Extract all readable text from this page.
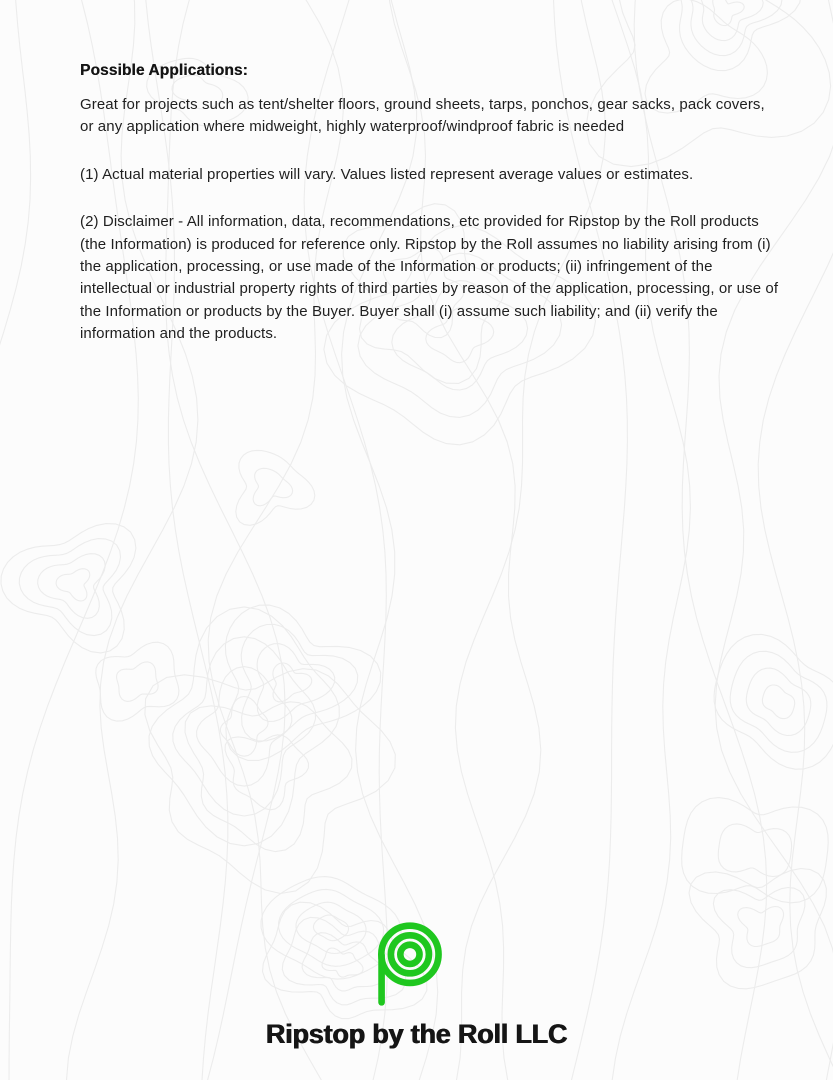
Possible Applications:

Great for projects such as tent/shelter floors, ground sheets, tarps, ponchos, gear sacks, pack covers, or any application where midweight, highly waterproof/windproof fabric is needed

(1) Actual material properties will vary. Values listed represent average values or estimates.

(2) Disclaimer - All information, data, recommendations, etc provided for Ripstop by the Roll products (the Information) is produced for reference only. Ripstop by the Roll assumes no liability arising from (i) the application, processing, or use made of the Information or products; (ii) infringement of the intellectual or industrial property rights of third parties by reason of the application, processing, or use of the Information or products by the Buyer. Buyer shall (i) assume such liability; and (ii) verify the information and the products.

Ripstop by the Roll LLC
